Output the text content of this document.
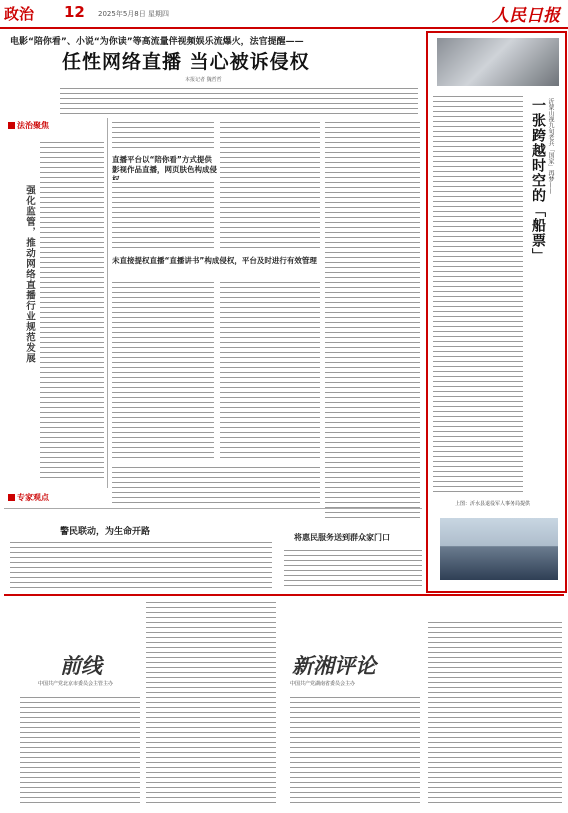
政治 12 2025年5月8日 星期四	人民日报
电影“陪你看”、小说“为你读”等高流量伴视频娱乐流爆火，法官提醒——
任性网络直播 当心被诉侵权
本报记者 魏哲哲
法治聚焦
强化监管，推动网络直播行业规范发展
直播平台以“陪你看”方式提供影视作品直播，网页肤色构成侵
未直接提权直播“直播讲书”构成侵权，平台及时进行有效管理
专家观点
一张跨越时空的「船票」 沂蒙山视九旬老兵「国家」再梦——
上图：沂水县退役军人事务局提供
警民联动，为生命开路
将惠民服务送到群众家门口
前线
中国共产党北京市委员会主管主办
新湘评论
中国共产党湖南省委员会主办
